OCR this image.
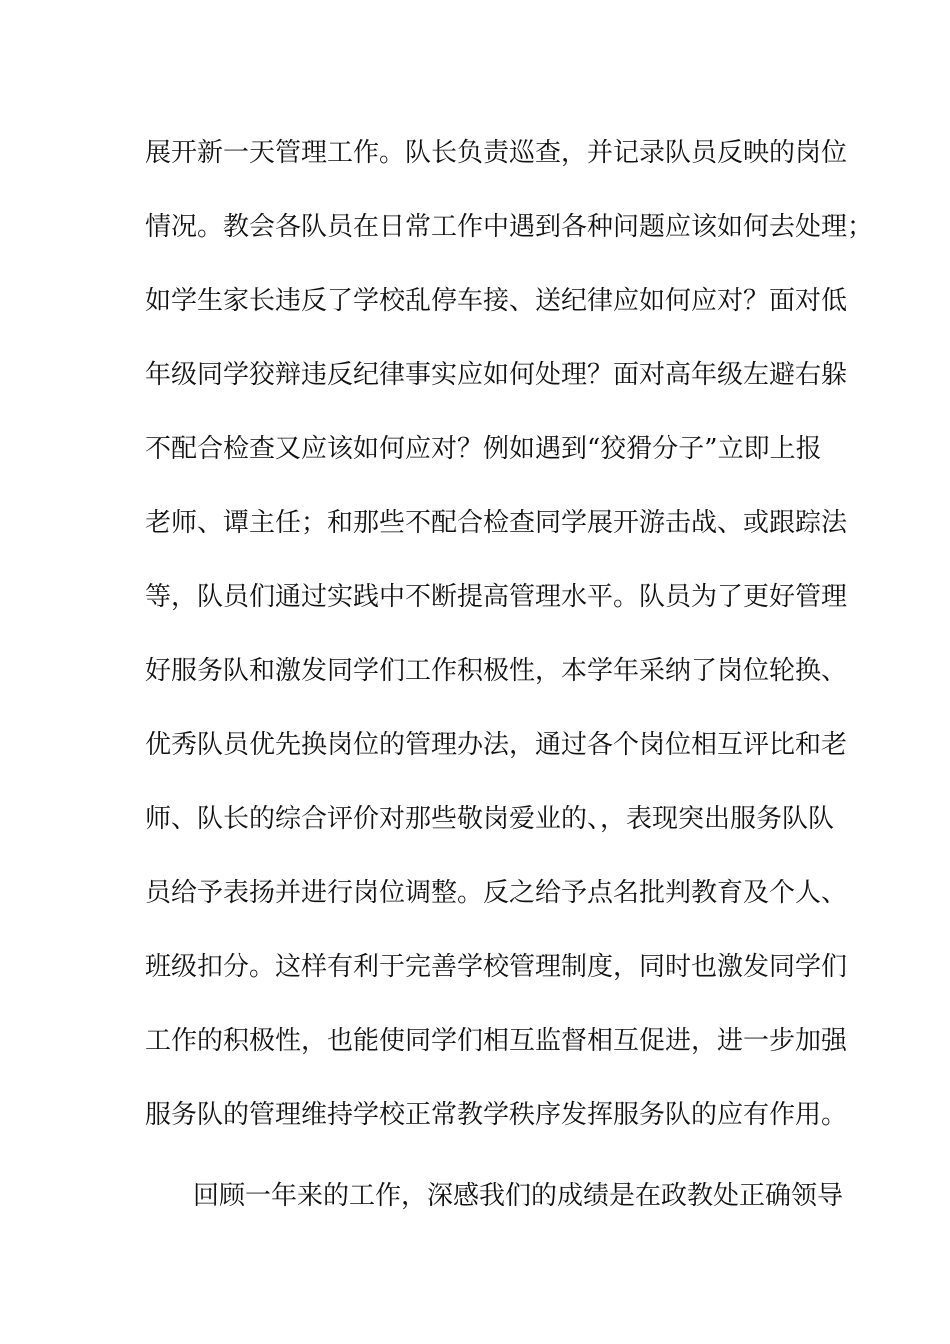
展开新一天管理工作。队长负责巡查，并记录队员反映的岗位
情况。教会各队员在日常工作中遇到各种问题应该如何去处理；
如学生家长违反了学校乱停车接、送纪律应如何应对？面对低
年级同学狡辩违反纪律事实应如何处理？面对高年级左避右躲
不配合检查又应该如何应对？例如遇到“狡猾分子”立即上报
老师、谭主任；和那些不配合检查同学展开游击战、或跟踪法
等，队员们通过实践中不断提高管理水平。队员为了更好管理
好服务队和激发同学们工作积极性，本学年采纳了岗位轮换、
优秀队员优先换岗位的管理办法，通过各个岗位相互评比和老
师、队长的综合评价对那些敬岗爱业的、，表现突出服务队队
员给予表扬并进行岗位调整。反之给予点名批判教育及个人、
班级扣分。这样有利于完善学校管理制度，同时也激发同学们
工作的积极性，也能使同学们相互监督相互促进，进一步加强
服务队的管理维持学校正常教学秩序发挥服务队的应有作用。
回顾一年来的工作，深感我们的成绩是在政教处正确领导
